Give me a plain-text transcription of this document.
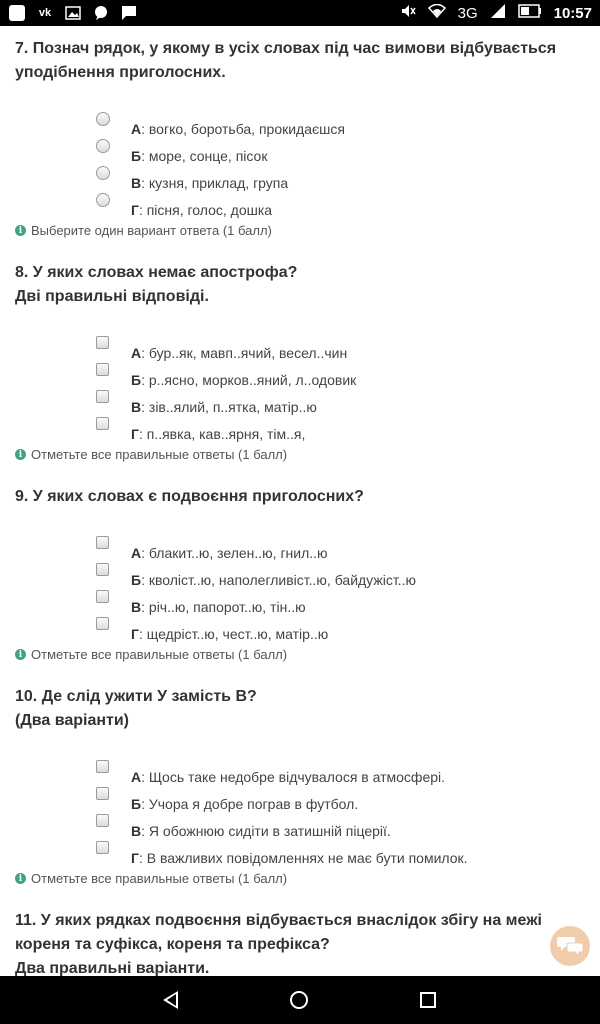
vk	3G	10:57
7. Познач рядок, у якому в усіх словах під час вимови відбувається уподібнення приголосних.
А: вогко, боротьба, прокидаєшся
Б: море, сонце, пісок
В: кузня, приклад, група
Г: пісня, голос, дошка
i Выберите один вариант ответа (1 балл)
8. У яких словах немає апострофа?
Дві правильні відповіді.
А: бур..як, мавп..ячий, весел..чин
Б: р..ясно, морков..яний, л..одовик
В: зів..ялий, п..ятка, матір..ю
Г: п..явка, кав..ярня, тім..я,
i Отметьте все правильные ответы (1 балл)
9. У яких словах є подвоєння приголосних?
А: блакит..ю, зелен..ю, гнил..ю
Б: кволіст..ю, наполегливіст..ю, байдужіст..ю
В: річ..ю, папорот..ю, тін..ю
Г: щедріст..ю, чест..ю, матір..ю
i Отметьте все правильные ответы (1 балл)
10. Де слід ужити У замість В?
(Два варіанти)
А: Щось таке недобре відчувалося в атмосфері.
Б: Учора я добре пограв в футбол.
В: Я обожнюю сидіти в затишній піцерії.
Г: В важливих повідомленнях не має бути помилок.
i Отметьте все правильные ответы (1 балл)
11. У яких рядках подвоєння відбувається внаслідок збігу на межі кореня та суфікса, кореня та префікса?
Два правильні варіанти.
